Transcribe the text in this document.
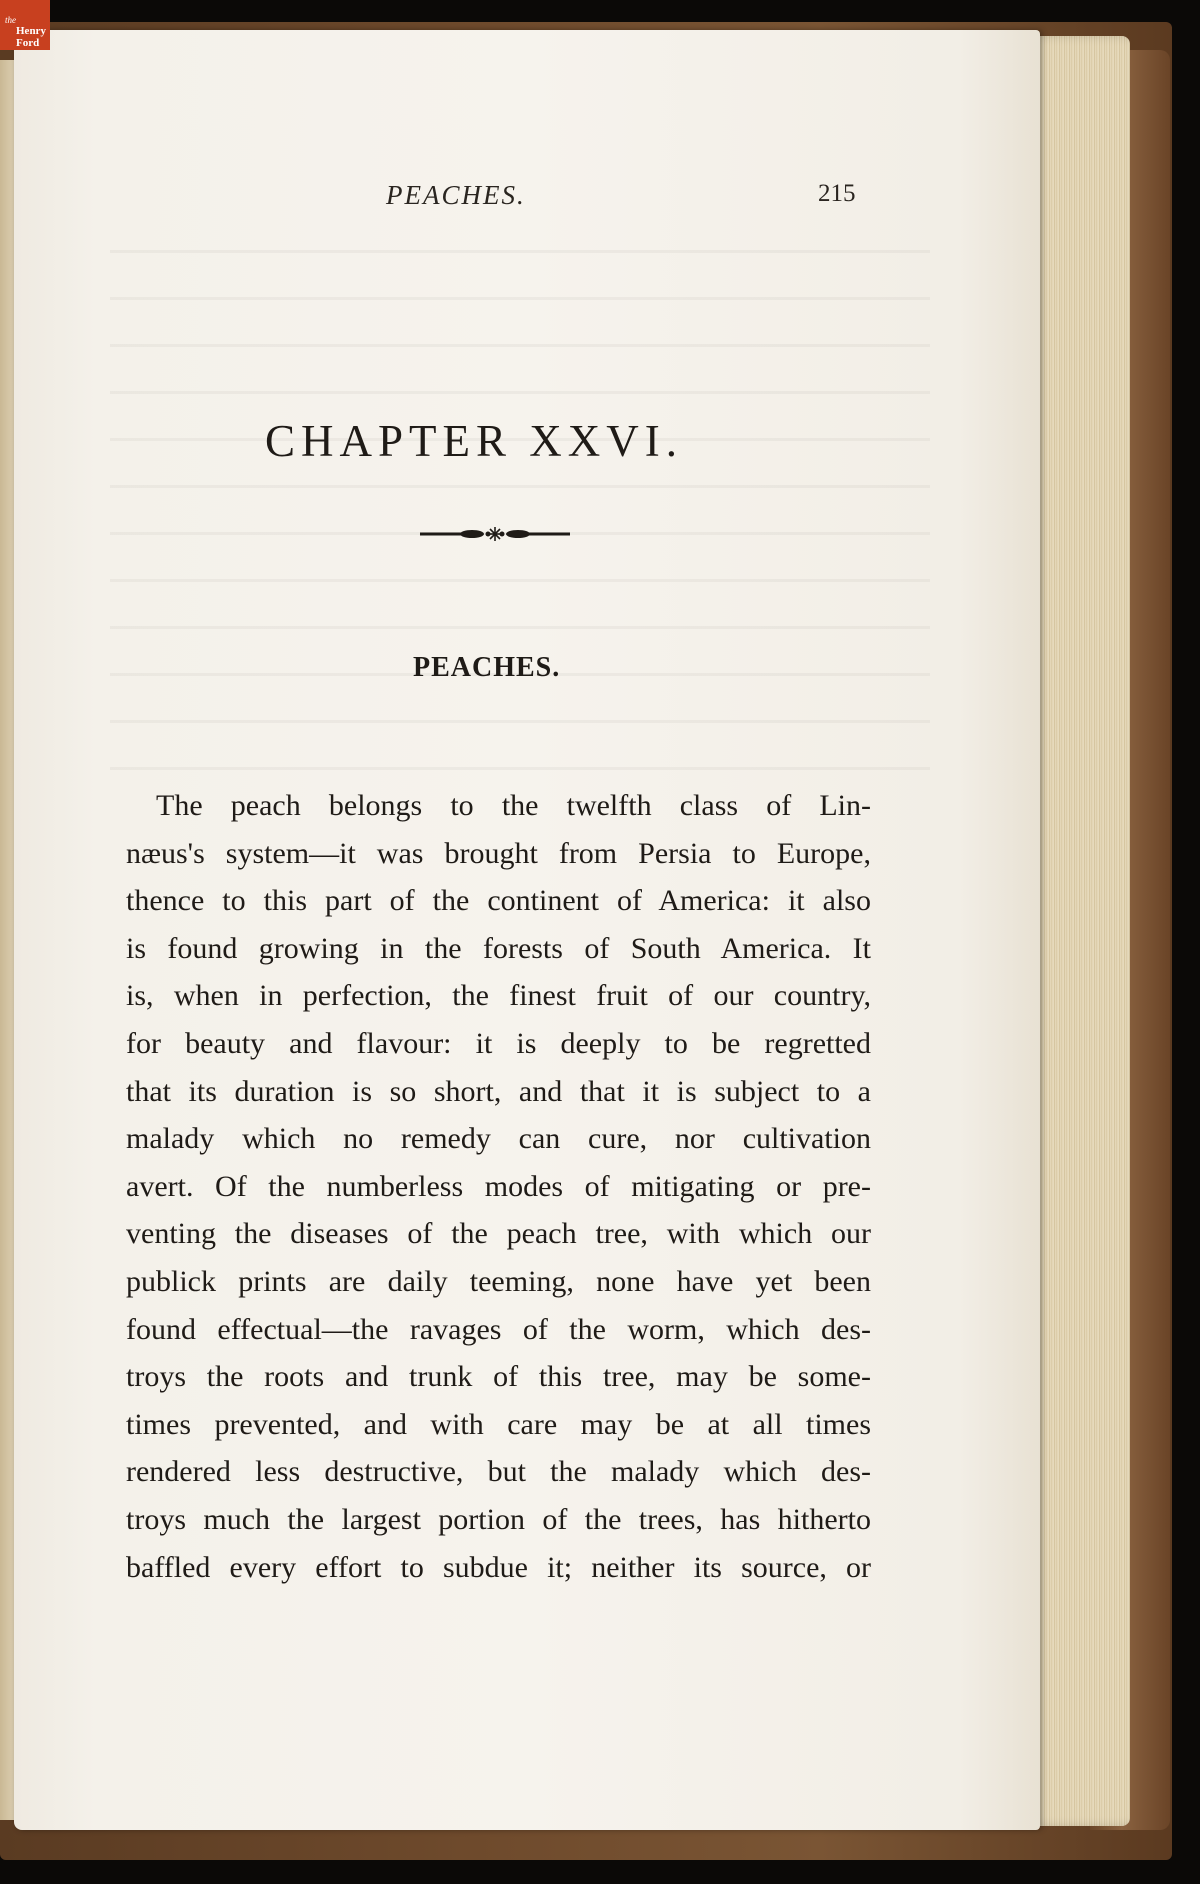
the
Henry
Ford
PEACHES.	215
CHAPTER XXVI.
PEACHES.
The peach belongs to the twelfth class of Lin-
næus's system—it was brought from Persia to Europe,
thence to this part of the continent of America: it also
is found growing in the forests of South America. It
is, when in perfection, the finest fruit of our country,
for beauty and flavour: it is deeply to be regretted
that its duration is so short, and that it is subject to a
malady which no remedy can cure, nor cultivation
avert. Of the numberless modes of mitigating or pre-
venting the diseases of the peach tree, with which our
publick prints are daily teeming, none have yet been
found effectual—the ravages of the worm, which des-
troys the roots and trunk of this tree, may be some-
times prevented, and with care may be at all times
rendered less destructive, but the malady which des-
troys much the largest portion of the trees, has hitherto
baffled every effort to subdue it; neither its source, or
